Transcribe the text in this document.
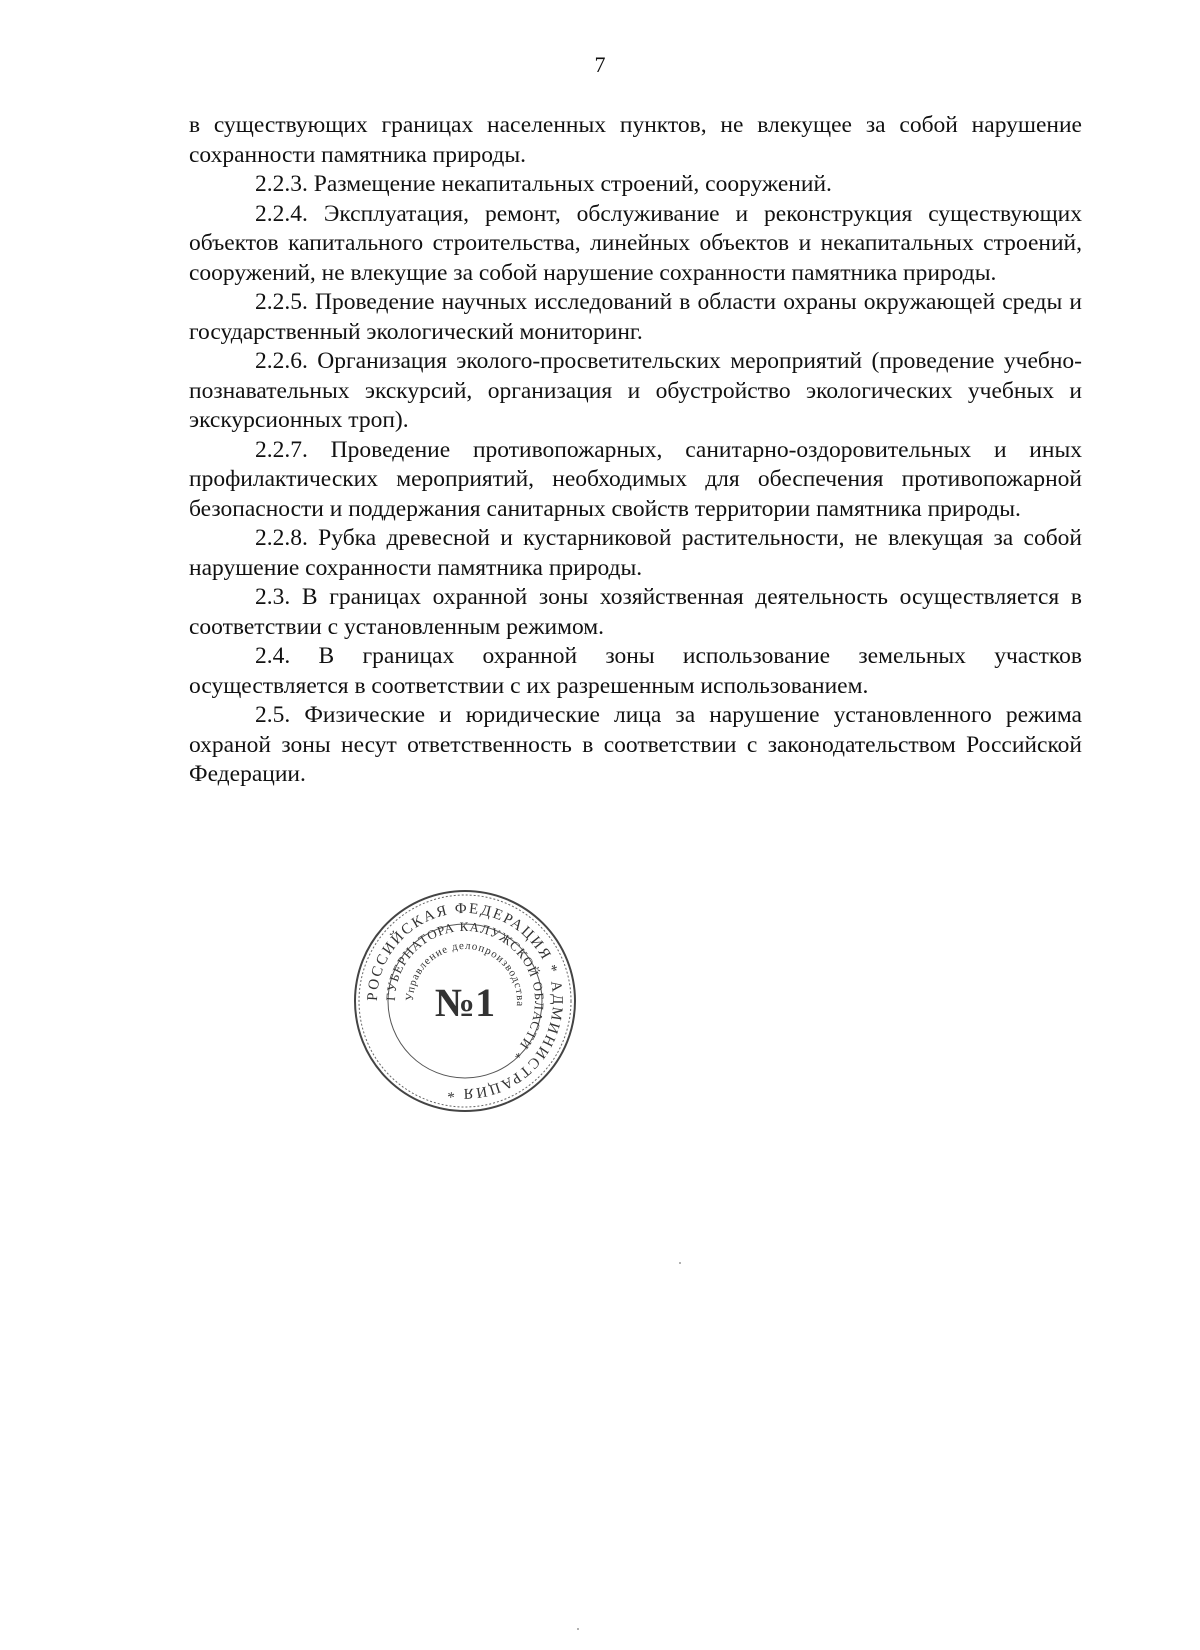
7

в существующих границах населенных пунктов, не влекущее за собой нарушение сохранности памятника природы.

2.2.3. Размещение некапитальных строений, сооружений.

2.2.4. Эксплуатация, ремонт, обслуживание и реконструкция существующих объектов капитального строительства, линейных объектов и некапитальных строений, сооружений, не влекущие за собой нарушение сохранности памятника природы.

2.2.5. Проведение научных исследований в области охраны окружающей среды и государственный экологический мониторинг.

2.2.6. Организация эколого-просветительских мероприятий (проведение учебно-познавательных экскурсий, организация и обустройство экологических учебных и экскурсионных троп).

2.2.7. Проведение противопожарных, санитарно-оздоровительных и иных профилактических мероприятий, необходимых для обеспечения противопожарной безопасности и поддержания санитарных свойств территории памятника природы.

2.2.8. Рубка древесной и кустарниковой растительности, не влекущая за собой нарушение сохранности памятника природы.

2.3. В границах охранной зоны хозяйственная деятельность осуществляется в соответствии с установленным режимом.

2.4. В границах охранной зоны использование земельных участков осуществляется в соответствии с их разрешенным использованием.

2.5. Физические и юридические лица за нарушение установленного режима охраной зоны несут ответственность в соответствии с законодательством Российской Федерации.

РОССИЙСКАЯ ФЕДЕРАЦИЯ * АДМИНИСТРАЦИЯ *
ГУБЕРНАТОРА КАЛУЖСКОЙ ОБЛАСТИ *
Управление делопроизводства
№1
